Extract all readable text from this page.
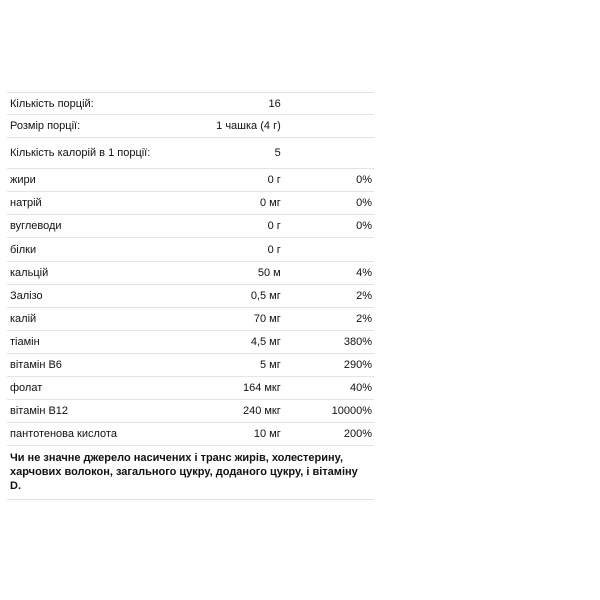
Кількість порцій:	16
Розмір порції:	1 чашка (4 г)
Кількість калорій в 1 порції:	5
жири	0 г	0%
натрій	0 мг	0%
вуглеводи	0 г	0%
білки	0 г
кальцій	50 м	4%
Залізо	0,5 мг	2%
калій	70 мг	2%
тіамін	4,5 мг	380%
вітамін B6	5 мг	290%
фолат	164 мкг	40%
вітамін B12	240 мкг	10000%
пантотенова кислота	10 мг	200%
Чи не значне джерело насичених і транс жирів, холестерину, харчових волокон, загального цукру, доданого цукру, і вітаміну D.
